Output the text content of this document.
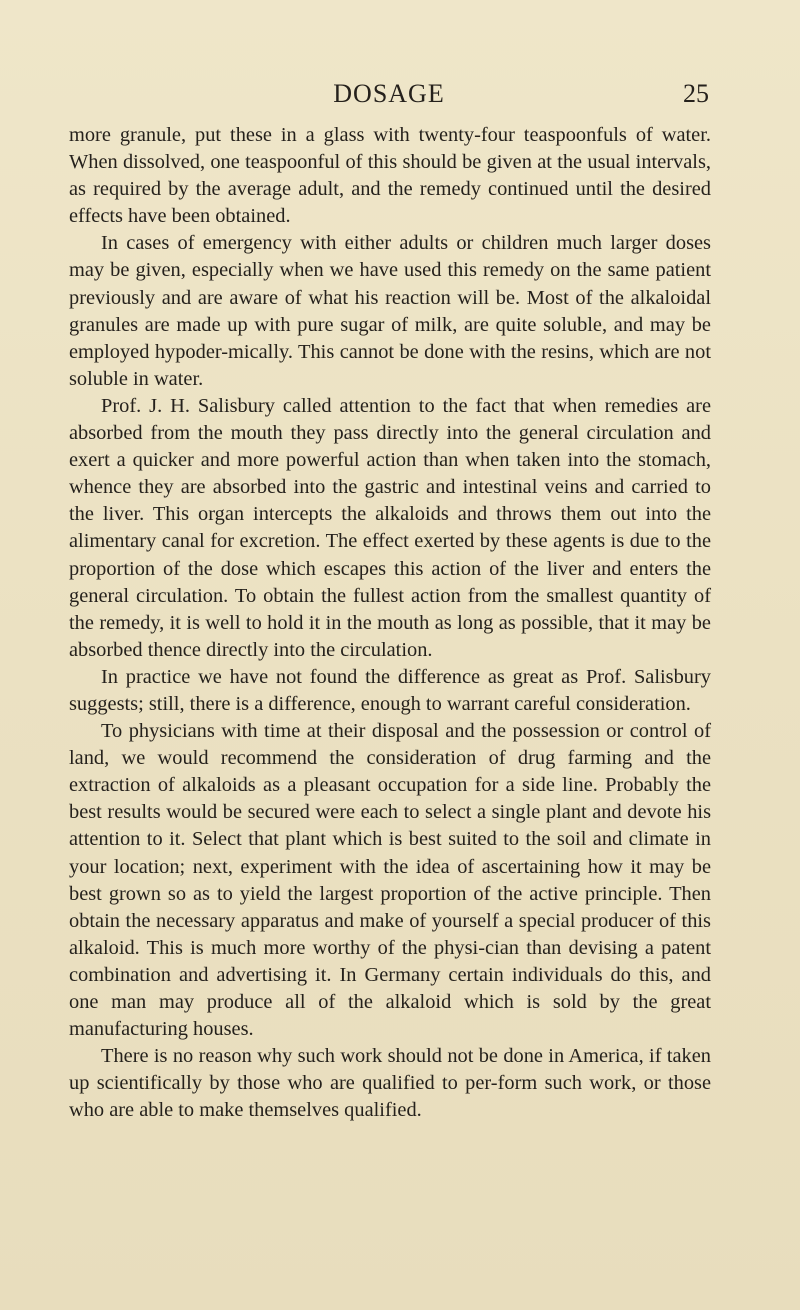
DOSAGE	25

more granule, put these in a glass with twenty-four teaspoonfuls of water. When dissolved, one teaspoonful of this should be given at the usual intervals, as required by the average adult, and the remedy continued until the desired effects have been obtained.

In cases of emergency with either adults or children much larger doses may be given, especially when we have used this remedy on the same patient previously and are aware of what his reaction will be. Most of the alkaloidal granules are made up with pure sugar of milk, are quite soluble, and may be employed hypoder-mically. This cannot be done with the resins, which are not soluble in water.

Prof. J. H. Salisbury called attention to the fact that when remedies are absorbed from the mouth they pass directly into the general circulation and exert a quicker and more powerful action than when taken into the stomach, whence they are absorbed into the gastric and intestinal veins and carried to the liver. This organ intercepts the alkaloids and throws them out into the alimentary canal for excretion. The effect exerted by these agents is due to the proportion of the dose which escapes this action of the liver and enters the general circulation. To obtain the fullest action from the smallest quantity of the remedy, it is well to hold it in the mouth as long as possible, that it may be absorbed thence directly into the circulation.

In practice we have not found the difference as great as Prof. Salisbury suggests; still, there is a difference, enough to warrant careful consideration.

To physicians with time at their disposal and the possession or control of land, we would recommend the consideration of drug farming and the extraction of alkaloids as a pleasant occupation for a side line. Probably the best results would be secured were each to select a single plant and devote his attention to it. Select that plant which is best suited to the soil and climate in your location; next, experiment with the idea of ascertaining how it may be best grown so as to yield the largest proportion of the active principle. Then obtain the necessary apparatus and make of yourself a special producer of this alkaloid. This is much more worthy of the physi-cian than devising a patent combination and advertising it. In Germany certain individuals do this, and one man may produce all of the alkaloid which is sold by the great manufacturing houses.

There is no reason why such work should not be done in America, if taken up scientifically by those who are qualified to per-form such work, or those who are able to make themselves qualified.
